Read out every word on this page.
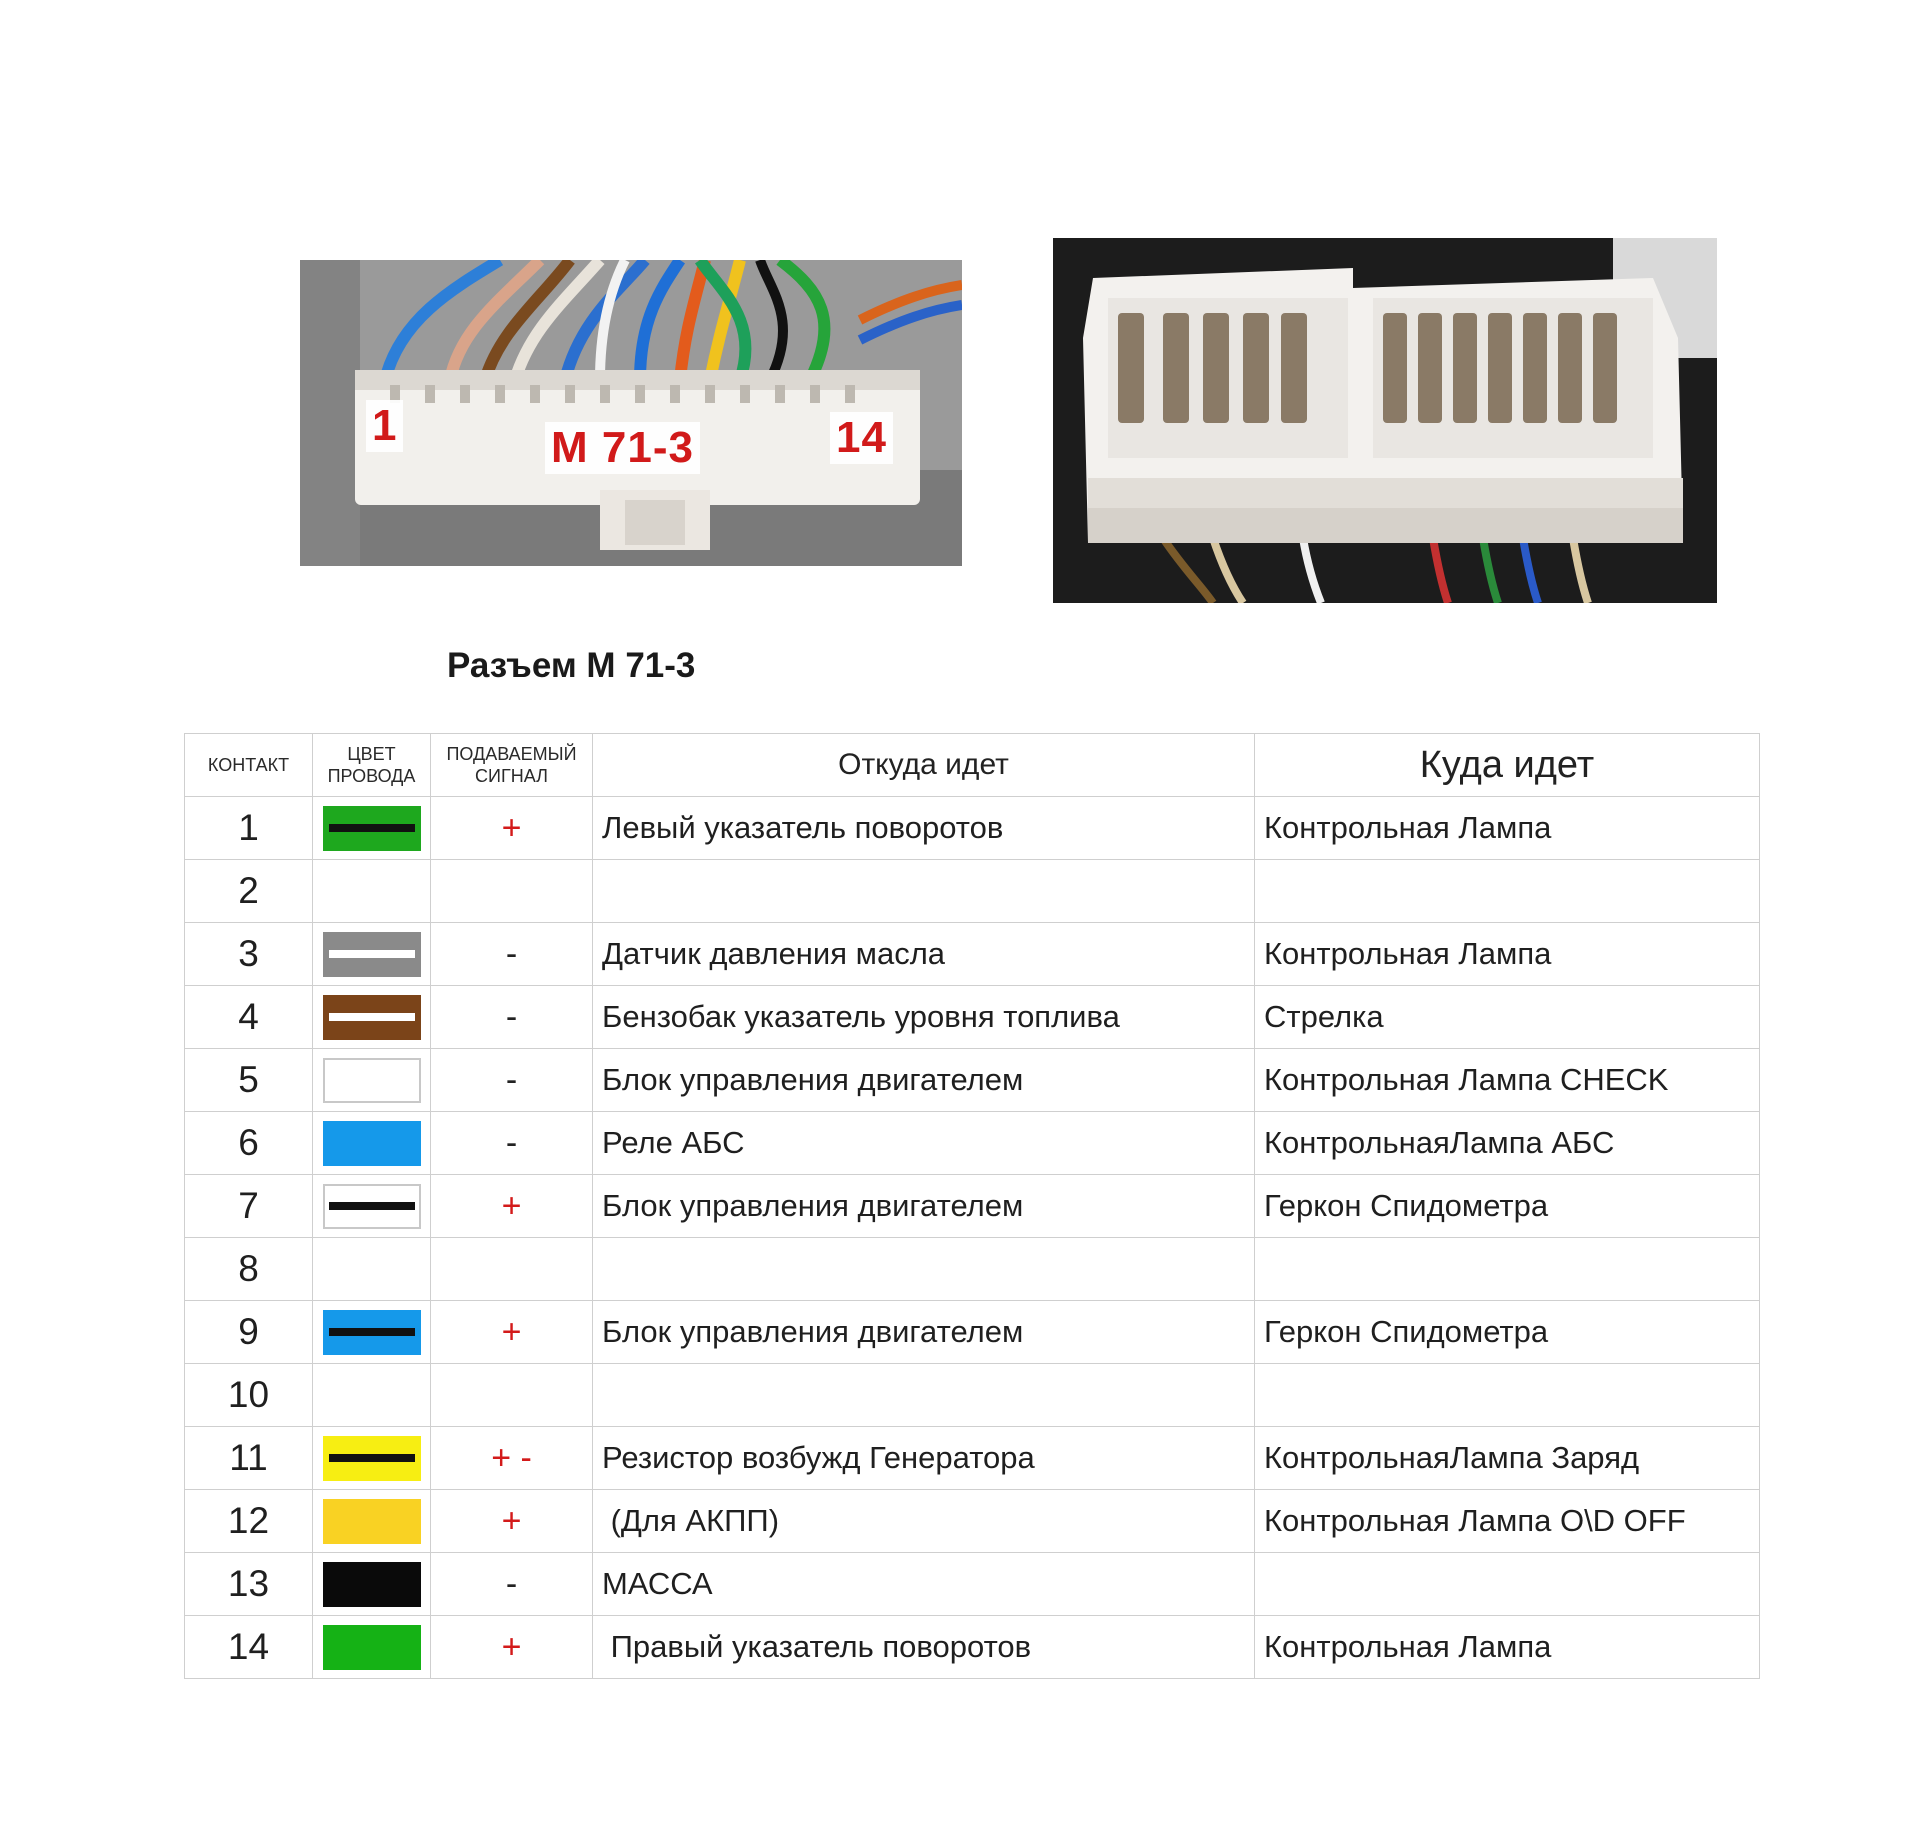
1	M 71-3	14
Разъем М 71-3
КОНТАКТ	ЦВЕТ ПРОВОДА	ПОДАВАЕМЫЙ СИГНАЛ	Откуда идет	Куда идет
1		+	Левый указатель поворотов	Контрольная Лампа
2				
3		-	Датчик давления масла	Контрольная Лампа
4		-	Бензобак указатель уровня топлива	Стрелка
5		-	Блок управления двигателем	Контрольная Лампа CHECK
6		-	Реле АБС	КонтрольнаяЛампа АБС
7		+	Блок управления двигателем	Геркон Спидометра
8				
9		+	Блок управления двигателем	Геркон Спидометра
10				
11		+ -	Резистор возбужд Генератора	КонтрольнаяЛампа Заряд
12		+	(Для АКПП)	Контрольная Лампа O\D OFF
13		-	МАССА	
14		+	Правый указатель поворотов	Контрольная Лампа
